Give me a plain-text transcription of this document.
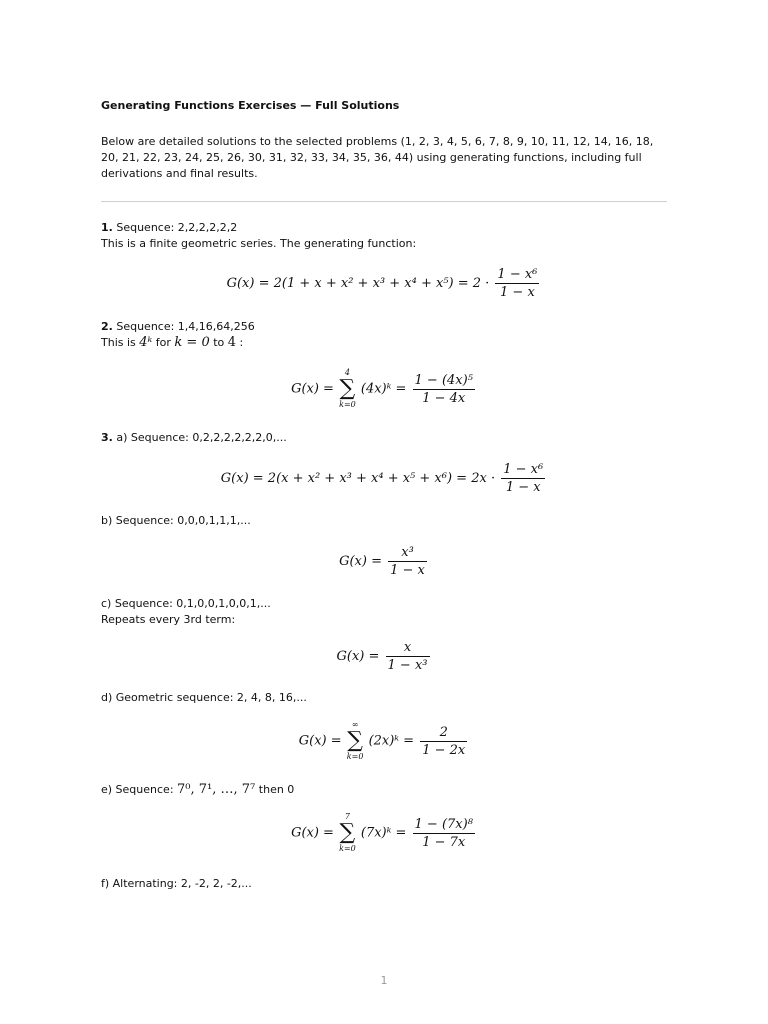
Generating Functions Exercises — Full Solutions
Below are detailed solutions to the selected problems (1, 2, 3, 4, 5, 6, 7, 8, 9, 10, 11, 12, 14, 16, 18, 20, 21, 22, 23, 24, 25, 26, 30, 31, 32, 33, 34, 35, 36, 44) using generating functions, including full derivations and final results.
1. Sequence: 2,2,2,2,2,2
This is a finite geometric series. The generating function:
$G(x) = 2(1 + x + x^2 + x^3 + x^4 + x^5) = 2 \cdot \frac{\text{1 − x⁶}}{1 - x}$
2. Sequence: 1,4,16,64,256
This is 4ᵏ for k = 0 to 4 :
G(x) =
4
∑
k=0
(4x)ᵏ = $\frac{\text{1 − (4x)⁵}}{1 - 4x}$
3. a) Sequence: 0,2,2,2,2,2,2,0,...
$G(x) = 2(x + x^2 + x^3 + x^4 + x^5 + x^6) = 2x \cdot \frac{\text{1 − x⁶}}{1 - x}$
b) Sequence: 0,0,0,1,1,1,...
$G(x) = \frac{\text{x³}}{1 - x}$
c) Sequence: 0,1,0,0,1,0,0,1,...
Repeats every 3rd term:
$G(x) = \frac{x}{\text{1 − x³}}$
d) Geometric sequence: 2, 4, 8, 16,...
G(x) =
∞
∑
k=0
(2x)ᵏ = $\frac{2}{1 - 2x}$
e) Sequence: 7⁰, 7¹, …, 7⁷ then 0
G(x) =
7
∑
k=0
(7x)ᵏ = $\frac{\text{1 − (7x)⁸}}{1 - 7x}$
f) Alternating: 2, -2, 2, -2,...
1
